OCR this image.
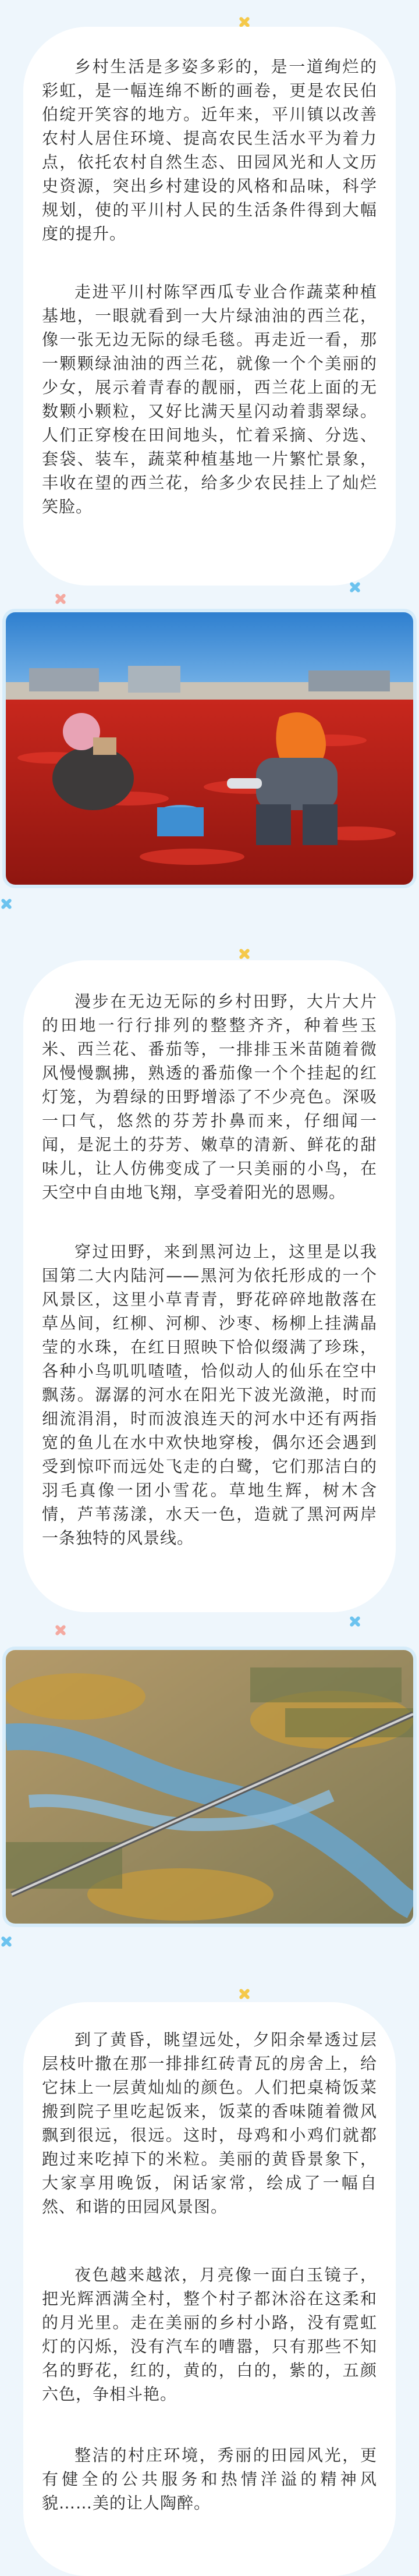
乡村生活是多姿多彩的，是一道绚烂的彩虹，是一幅连绵不断的画卷，更是农民伯伯绽开笑容的地方。近年来，平川镇以改善农村人居住环境、提高农民生活水平为着力点，依托农村自然生态、田园风光和人文历史资源，突出乡村建设的风格和品味，科学规划，使的平川村人民的生活条件得到大幅度的提升。

走进平川村陈罕西瓜专业合作蔬菜种植基地，一眼就看到一大片绿油油的西兰花，像一张无边无际的绿毛毯。再走近一看，那一颗颗绿油油的西兰花，就像一个个美丽的少女，展示着青春的靓丽，西兰花上面的无数颗小颗粒，又好比满天星闪动着翡翠绿。人们正穿梭在田间地头，忙着采摘、分选、套袋、装车，蔬菜种植基地一片繁忙景象，丰收在望的西兰花，给多少农民挂上了灿烂笑脸。

漫步在无边无际的乡村田野，大片大片的田地一行行排列的整整齐齐，种着些玉米、西兰花、番茄等，一排排玉米苗随着微风慢慢飘拂，熟透的番茄像一个个挂起的红灯笼，为碧绿的田野增添了不少亮色。深吸一口气，悠然的芬芳扑鼻而来，仔细闻一闻，是泥土的芬芳、嫩草的清新、鲜花的甜味儿，让人仿佛变成了一只美丽的小鸟，在天空中自由地飞翔，享受着阳光的恩赐。

穿过田野，来到黑河边上，这里是以我国第二大内陆河——黑河为依托形成的一个风景区，这里小草青青，野花碎碎地散落在草丛间，红柳、河柳、沙枣、杨柳上挂满晶莹的水珠，在红日照映下恰似缀满了珍珠，各种小鸟叽叽喳喳，恰似动人的仙乐在空中飘荡。潺潺的河水在阳光下波光潋滟，时而细流涓涓，时而波浪连天的河水中还有两指宽的鱼儿在水中欢快地穿梭，偶尔还会遇到受到惊吓而远处飞走的白鹭，它们那洁白的羽毛真像一团小雪花。草地生辉，树木含情，芦苇荡漾，水天一色，造就了黑河两岸一条独特的风景线。

到了黄昏，眺望远处，夕阳余晕透过层层枝叶撒在那一排排红砖青瓦的房舍上，给它抹上一层黄灿灿的颜色。人们把桌椅饭菜搬到院子里吃起饭来，饭菜的香味随着微风飘到很远，很远。这时，母鸡和小鸡们就都跑过来吃掉下的米粒。美丽的黄昏景象下，大家享用晚饭，闲话家常，绘成了一幅自然、和谐的田园风景图。

夜色越来越浓，月亮像一面白玉镜子，把光辉洒满全村，整个村子都沐浴在这柔和的月光里。走在美丽的乡村小路，没有霓虹灯的闪烁，没有汽车的嘈嚣，只有那些不知名的野花，红的，黄的，白的，紫的，五颜六色，争相斗艳。

整洁的村庄环境，秀丽的田园风光，更有健全的公共服务和热情洋溢的精神风貌……美的让人陶醉。
